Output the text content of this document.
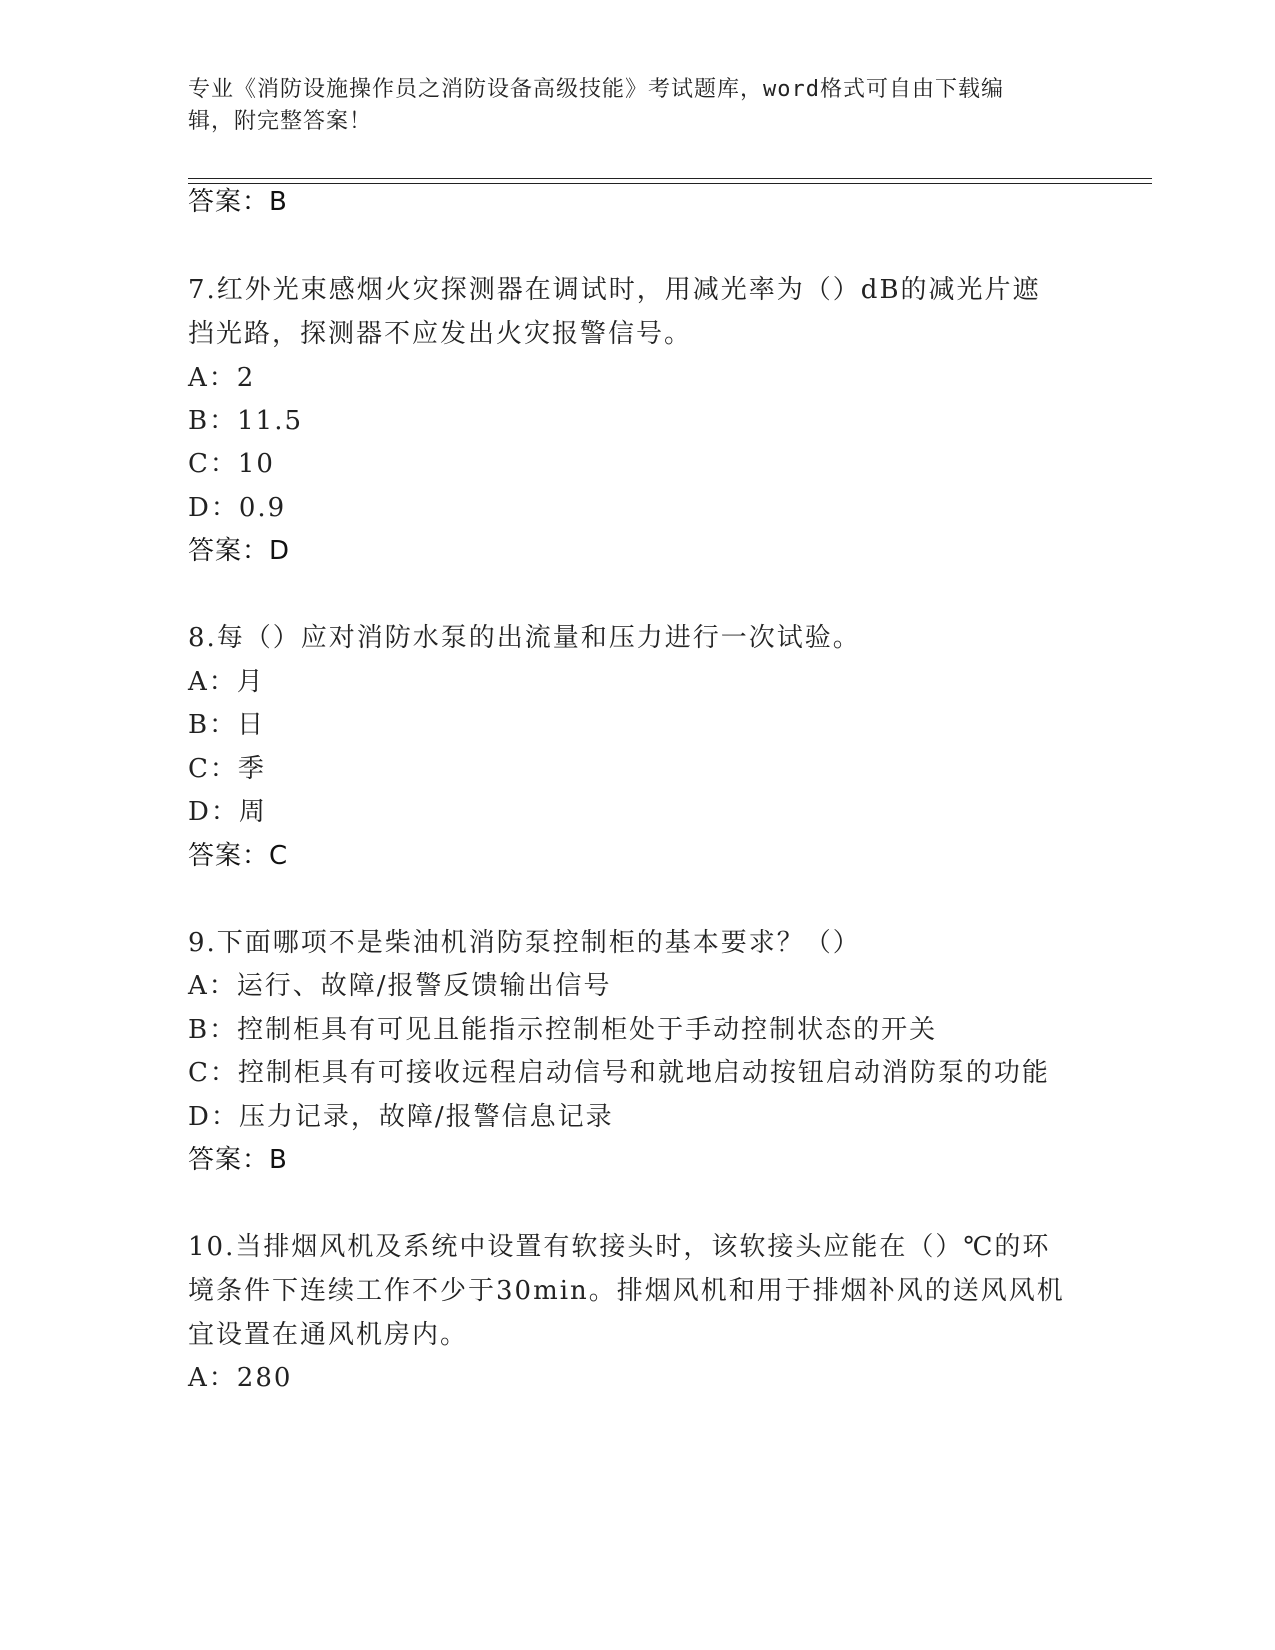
专业《消防设施操作员之消防设备高级技能》考试题库，word格式可自由下载编
辑，附完整答案！
答案：B
7.红外光束感烟火灾探测器在调试时，用减光率为（）dB的减光片遮
挡光路，探测器不应发出火灾报警信号。
A：2
B：11.5
C：10
D：0.9
答案：D
8.每（）应对消防水泵的出流量和压力进行一次试验。
A：月
B：日
C：季
D：周
答案：C
9.下面哪项不是柴油机消防泵控制柜的基本要求？（）
A：运行、故障/报警反馈输出信号
B：控制柜具有可见且能指示控制柜处于手动控制状态的开关
C：控制柜具有可接收远程启动信号和就地启动按钮启动消防泵的功能
D：压力记录，故障/报警信息记录
答案：B
10.当排烟风机及系统中设置有软接头时，该软接头应能在（）℃的环
境条件下连续工作不少于30min。排烟风机和用于排烟补风的送风风机
宜设置在通风机房内。
A：280
